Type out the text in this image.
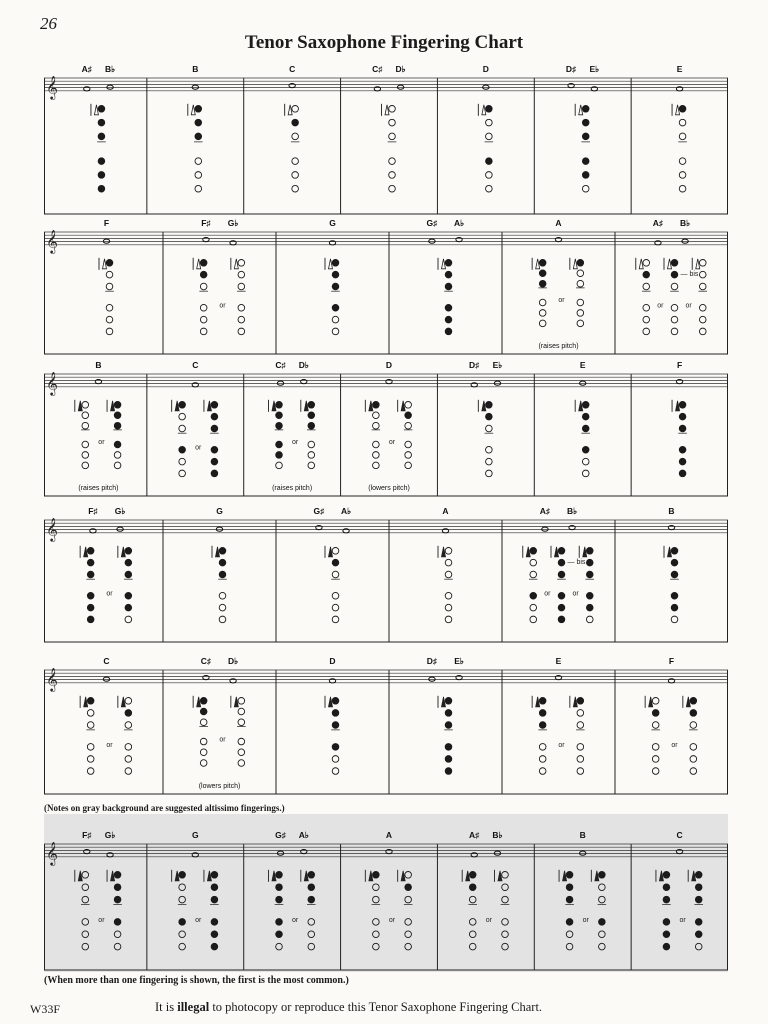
26
Tenor Saxophone Fingering Chart
𝄞
A♯ B♭	B	C	C♯ D♭	D	D♯ E♭	E
𝄞
F	F♯ G♭
or
G	G♯ A♭	A
or
(raises pitch)
A♯ B♭
or	or
— bis
𝄞
B
or
(raises pitch)
C
or
C♯ D♭
or
(raises pitch)
D
or
(lowers pitch)
D♯ E♭	E	F
𝄞
F♯ G♭
or
G	G♯ A♭	A	A♯ B♭
or	or
— bis
B
𝄞
C
or
C♯ D♭
or
(lowers pitch)
D	D♯ E♭	E
or
F
or
(Notes on gray background are suggested altissimo fingerings.)
𝄞
F♯ G♭
or
G
or
G♯ A♭
or
A
or
A♯ B♭
or
B
or
C
or
(When more than one fingering is shown, the first is the most common.)
W33F	It is illegal to photocopy or reproduce this Tenor Saxophone Fingering Chart.
